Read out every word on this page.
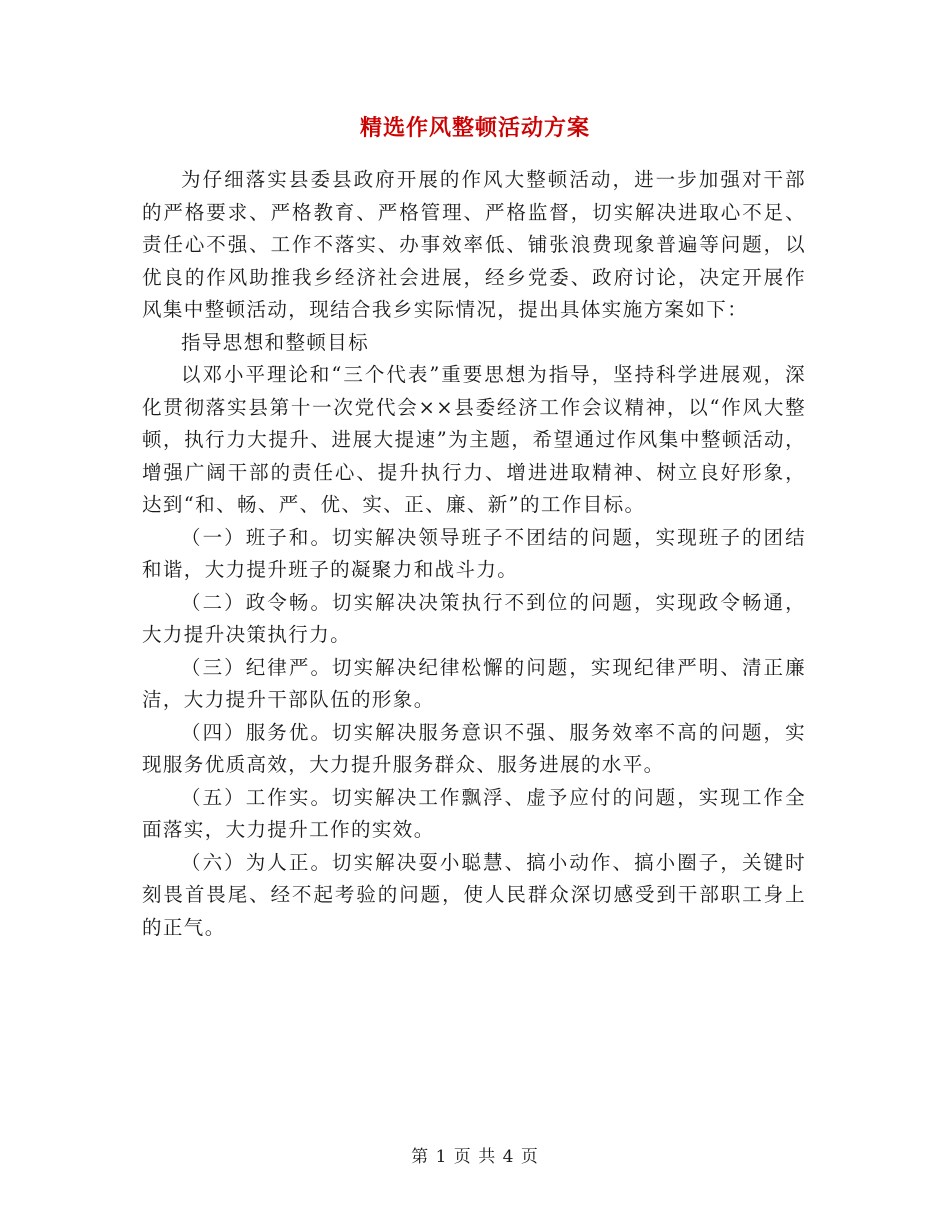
精选作风整顿活动方案

为仔细落实县委县政府开展的作风大整顿活动，进一步加强对干部的严格要求、严格教育、严格管理、严格监督，切实解决进取心不足、责任心不强、工作不落实、办事效率低、铺张浪费现象普遍等问题，以优良的作风助推我乡经济社会进展，经乡党委、政府讨论，决定开展作风集中整顿活动，现结合我乡实际情况，提出具体实施方案如下：

指导思想和整顿目标

以邓小平理论和“三个代表”重要思想为指导，坚持科学进展观，深化贯彻落实县第十一次党代会××县委经济工作会议精神，以“作风大整顿，执行力大提升、进展大提速”为主题，希望通过作风集中整顿活动，增强广阔干部的责任心、提升执行力、增进进取精神、树立良好形象，达到“和、畅、严、优、实、正、廉、新”的工作目标。

（一）班子和。切实解决领导班子不团结的问题，实现班子的团结和谐，大力提升班子的凝聚力和战斗力。

（二）政令畅。切实解决决策执行不到位的问题，实现政令畅通，大力提升决策执行力。

（三）纪律严。切实解决纪律松懈的问题，实现纪律严明、清正廉洁，大力提升干部队伍的形象。

（四）服务优。切实解决服务意识不强、服务效率不高的问题，实现服务优质高效，大力提升服务群众、服务进展的水平。

（五）工作实。切实解决工作飘浮、虚予应付的问题，实现工作全面落实，大力提升工作的实效。

（六）为人正。切实解决耍小聪慧、搞小动作、搞小圈子，关键时刻畏首畏尾、经不起考验的问题，使人民群众深切感受到干部职工身上的正气。

第 1 页 共 4 页
